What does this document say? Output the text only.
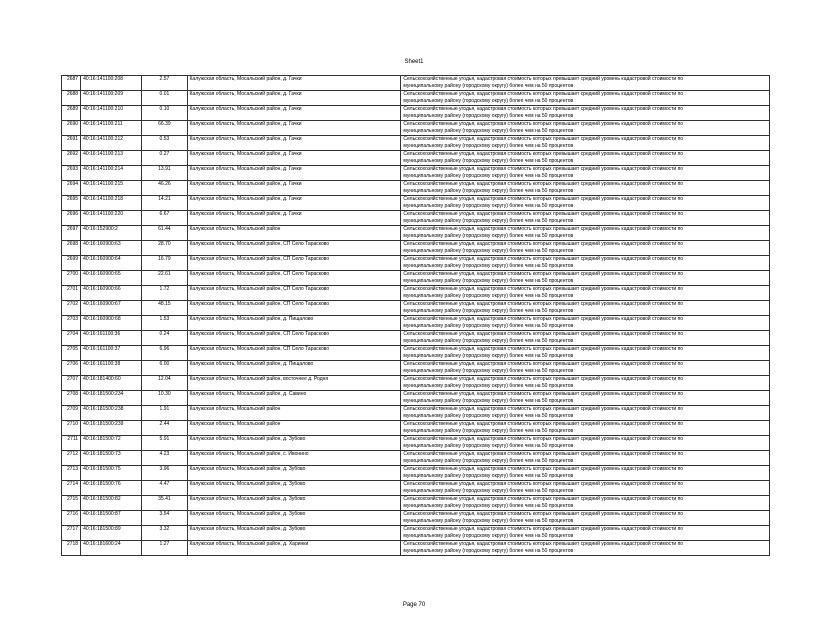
Sheet1
2687	40:16:141100:208	2.57	Калужская область, Мосальский район, д. Гачки	Сельскохозяйственные угодья, кадастровая стоимость которых превышает средний уровень кадастровой стоимости по
муниципальному району (городскому округу) более чем на 50 процентов

2688	40:16:141100:209	0.01	Калужская область, Мосальский район, д. Гачки	Сельскохозяйственные угодья, кадастровая стоимость которых превышает средний уровень кадастровой стоимости по
муниципальному району (городскому округу) более чем на 50 процентов

2689	40:16:141100:210	0.10	Калужская область, Мосальский район, д. Гачки	Сельскохозяйственные угодья, кадастровая стоимость которых превышает средний уровень кадастровой стоимости по
муниципальному району (городскому округу) более чем на 50 процентов

2690	40:16:141100:211	66.39	Калужская область, Мосальский район, д. Гачки	Сельскохозяйственные угодья, кадастровая стоимость которых превышает средний уровень кадастровой стоимости по
муниципальному району (городскому округу) более чем на 50 процентов

2691	40:16:141100:212	0.53	Калужская область, Мосальский район, д. Гачки	Сельскохозяйственные угодья, кадастровая стоимость которых превышает средний уровень кадастровой стоимости по
муниципальному району (городскому округу) более чем на 50 процентов

2692	40:16:141100:213	0.27	Калужская область, Мосальский район, д. Гачки	Сельскохозяйственные угодья, кадастровая стоимость которых превышает средний уровень кадастровой стоимости по
муниципальному району (городскому округу) более чем на 50 процентов

2693	40:16:141100:214	13.91	Калужская область, Мосальский район, д. Гачки	Сельскохозяйственные угодья, кадастровая стоимость которых превышает средний уровень кадастровой стоимости по
муниципальному району (городскому округу) более чем на 50 процентов

2694	40:16:141100:215	46.26	Калужская область, Мосальский район, д. Гачки	Сельскохозяйственные угодья, кадастровая стоимость которых превышает средний уровень кадастровой стоимости по
муниципальному району (городскому округу) более чем на 50 процентов

2695	40:16:141100:218	14.21	Калужская область, Мосальский район, д. Гачки	Сельскохозяйственные угодья, кадастровая стоимость которых превышает средний уровень кадастровой стоимости по
муниципальному району (городскому округу) более чем на 50 процентов

2696	40:16:141100:220	6.67	Калужская область, Мосальский район, д. Гачки	Сельскохозяйственные угодья, кадастровая стоимость которых превышает средний уровень кадастровой стоимости по
муниципальному району (городскому округу) более чем на 50 процентов

2697	40:16:152900:2	61.44	Калужская область, Мосальский район	Сельскохозяйственные угодья, кадастровая стоимость которых превышает средний уровень кадастровой стоимости по
муниципальному району (городскому округу) более чем на 50 процентов

2698	40:16:160900:63	28.70	Калужская область, Мосальский район, СП Село Тарасково	Сельскохозяйственные угодья, кадастровая стоимость которых превышает средний уровень кадастровой стоимости по
муниципальному району (городскому округу) более чем на 50 процентов

2699	40:16:160900:64	16.79	Калужская область, Мосальский район, СП Село Тарасково	Сельскохозяйственные угодья, кадастровая стоимость которых превышает средний уровень кадастровой стоимости по
муниципальному району (городскому округу) более чем на 50 процентов

2700	40:16:160900:65	22.61	Калужская область, Мосальский район, СП Село Тарасково	Сельскохозяйственные угодья, кадастровая стоимость которых превышает средний уровень кадастровой стоимости по
муниципальному району (городскому округу) более чем на 50 процентов

2701	40:16:160900:66	1.72	Калужская область, Мосальский район, СП Село Тарасково	Сельскохозяйственные угодья, кадастровая стоимость которых превышает средний уровень кадастровой стоимости по
муниципальному району (городскому округу) более чем на 50 процентов

2702	40:16:160900:67	48.15	Калужская область, Мосальский район, СП Село Тарасково	Сельскохозяйственные угодья, кадастровая стоимость которых превышает средний уровень кадастровой стоимости по
муниципальному району (городскому округу) более чем на 50 процентов

2703	40:16:160900:68	1.53	Калужская область, Мосальский район, д. Пищалово	Сельскохозяйственные угодья, кадастровая стоимость которых превышает средний уровень кадастровой стоимости по
муниципальному району (городскому округу) более чем на 50 процентов

2704	40:16:161100:36	0.24	Калужская область, Мосальский район, СП Село Тарасково	Сельскохозяйственные угодья, кадастровая стоимость которых превышает средний уровень кадастровой стоимости по
муниципальному району (городскому округу) более чем на 50 процентов

2705	40:16:161100:37	6.96	Калужская область, Мосальский район, СП Село Тарасково	Сельскохозяйственные угодья, кадастровая стоимость которых превышает средний уровень кадастровой стоимости по
муниципальному району (городскому округу) более чем на 50 процентов

2706	40:16:161100:38	6.00	Калужская область, Мосальский район, д. Пищалово	Сельскохозяйственные угодья, кадастровая стоимость которых превышает средний уровень кадастровой стоимости по
муниципальному району (городскому округу) более чем на 50 процентов

2707	40:16:181400:60	12.04	Калужская область, Мосальский район, восточнее д. Родня	Сельскохозяйственные угодья, кадастровая стоимость которых превышает средний уровень кадастровой стоимости по
муниципальному району (городскому округу) более чем на 50 процентов

2708	40:16:181500:234	10.30	Калужская область, Мосальский район, д. Савино	Сельскохозяйственные угодья, кадастровая стоимость которых превышает средний уровень кадастровой стоимости по
муниципальному району (городскому округу) более чем на 50 процентов

2709	40:16:181500:238	1.91	Калужская область, Мосальский район	Сельскохозяйственные угодья, кадастровая стоимость которых превышает средний уровень кадастровой стоимости по
муниципальному району (городскому округу) более чем на 50 процентов

2710	40:16:181500:239	2.44	Калужская область, Мосальский район	Сельскохозяйственные угодья, кадастровая стоимость которых превышает средний уровень кадастровой стоимости по
муниципальному району (городскому округу) более чем на 50 процентов

2711	40:16:181500:72	5.91	Калужская область, Мосальский район, д. Зубово	Сельскохозяйственные угодья, кадастровая стоимость которых превышает средний уровень кадастровой стоимости по
муниципальному району (городскому округу) более чем на 50 процентов

2712	40:16:181500:73	4.23	Калужская область, Мосальский район, с. Ивонино	Сельскохозяйственные угодья, кадастровая стоимость которых превышает средний уровень кадастровой стоимости по
муниципальному району (городскому округу) более чем на 50 процентов

2713	40:16:181500:75	3.96	Калужская область, Мосальский район, д. Зубово	Сельскохозяйственные угодья, кадастровая стоимость которых превышает средний уровень кадастровой стоимости по
муниципальному району (городскому округу) более чем на 50 процентов

2714	40:16:181500:76	4.47	Калужская область, Мосальский район, д. Зубово	Сельскохозяйственные угодья, кадастровая стоимость которых превышает средний уровень кадастровой стоимости по
муниципальному району (городскому округу) более чем на 50 процентов

2715	40:16:181500:82	35.41	Калужская область, Мосальский район, д. Зубово	Сельскохозяйственные угодья, кадастровая стоимость которых превышает средний уровень кадастровой стоимости по
муниципальному району (городскому округу) более чем на 50 процентов

2716	40:16:181500:87	3.54	Калужская область, Мосальский район, д. Зубово	Сельскохозяйственные угодья, кадастровая стоимость которых превышает средний уровень кадастровой стоимости по
муниципальному району (городскому округу) более чем на 50 процентов

2717	40:16:181500:89	3.32	Калужская область, Мосальский район, д. Зубово	Сельскохозяйственные угодья, кадастровая стоимость которых превышает средний уровень кадастровой стоимости по
муниципальному району (городскому округу) более чем на 50 процентов

2718	40:16:181600:24	1.27	Калужская область, Мосальский район, д. Харинки	Сельскохозяйственные угодья, кадастровая стоимость которых превышает средний уровень кадастровой стоимости по
муниципальному району (городскому округу) более чем на 50 процентов
Page 70
